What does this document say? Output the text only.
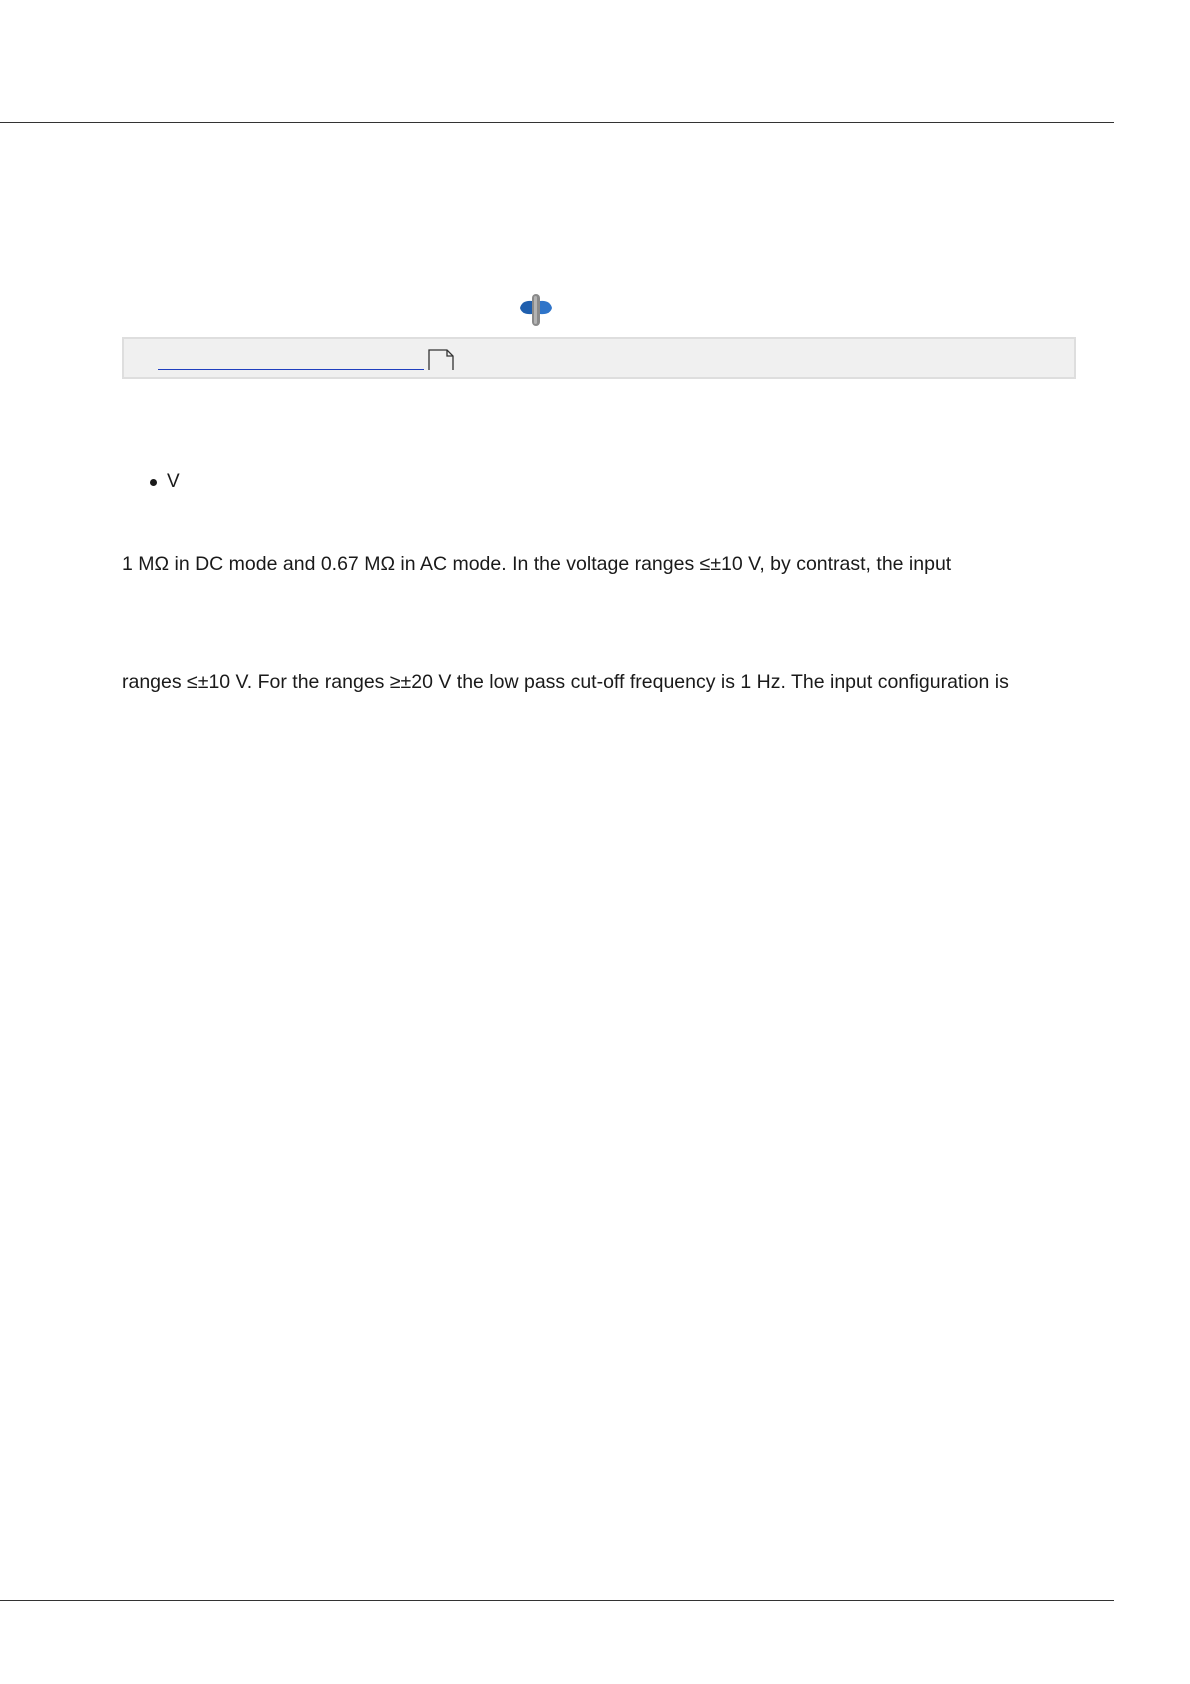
V
1 MΩ in DC mode and 0.67 MΩ in AC mode. In the voltage ranges ≤±10 V, by contrast, the input
ranges ≤±10 V. For the ranges ≥±20 V the low pass cut-off frequency is 1 Hz. The input configuration is
